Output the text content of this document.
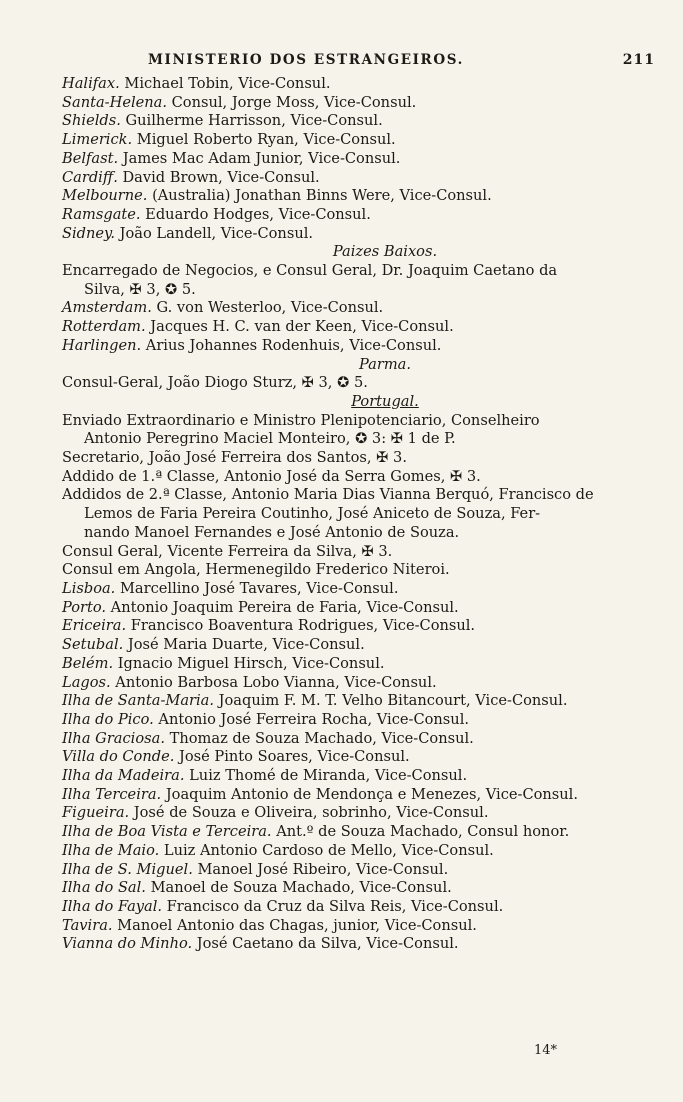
MINISTERIO DOS ESTRANGEIROS.	211
Halifax. Michael Tobin, Vice-Consul.
Santa-Helena. Consul, Jorge Moss, Vice-Consul.
Shields. Guilherme Harrisson, Vice-Consul.
Limerick. Miguel Roberto Ryan, Vice-Consul.
Belfast. James Mac Adam Junior, Vice-Consul.
Cardiff. David Brown, Vice-Consul.
Melbourne. (Australia) Jonathan Binns Were, Vice-Consul.
Ramsgate. Eduardo Hodges, Vice-Consul.
Sidney. João Landell, Vice-Consul.
Paizes Baixos.
Encarregado de Negocios, e Consul Geral, Dr. Joaquim Caetano da
Silva, ✠ 3, ✪ 5.
Amsterdam. G. von Westerloo, Vice-Consul.
Rotterdam. Jacques H. C. van der Keen, Vice-Consul.
Harlingen. Arius Johannes Rodenhuis, Vice-Consul.
Parma.
Consul-Geral, João Diogo Sturz, ✠ 3, ✪ 5.
Portugal.
Enviado Extraordinario e Ministro Plenipotenciario, Conselheiro
Antonio Peregrino Maciel Monteiro, ✪ 3: ✠ 1 de P.
Secretario, João José Ferreira dos Santos, ✠ 3.
Addido de 1.ª Classe, Antonio José da Serra Gomes, ✠ 3.
Addidos de 2.ª Classe, Antonio Maria Dias Vianna Berquó, Francisco de
Lemos de Faria Pereira Coutinho, José Aniceto de Souza, Fer-
nando Manoel Fernandes e José Antonio de Souza.
Consul Geral, Vicente Ferreira da Silva, ✠ 3.
Consul em Angola, Hermenegildo Frederico Niteroi.
Lisboa. Marcellino José Tavares, Vice-Consul.
Porto. Antonio Joaquim Pereira de Faria, Vice-Consul.
Ericeira. Francisco Boaventura Rodrigues, Vice-Consul.
Setubal. José Maria Duarte, Vice-Consul.
Belém. Ignacio Miguel Hirsch, Vice-Consul.
Lagos. Antonio Barbosa Lobo Vianna, Vice-Consul.
Ilha de Santa-Maria. Joaquim F. M. T. Velho Bitancourt, Vice-Consul.
Ilha do Pico. Antonio José Ferreira Rocha, Vice-Consul.
Ilha Graciosa. Thomaz de Souza Machado, Vice-Consul.
Villa do Conde. José Pinto Soares, Vice-Consul.
Ilha da Madeira. Luiz Thomé de Miranda, Vice-Consul.
Ilha Terceira. Joaquim Antonio de Mendonça e Menezes, Vice-Consul.
Figueira. José de Souza e Oliveira, sobrinho, Vice-Consul.
Ilha de Boa Vista e Terceira. Ant.º de Souza Machado, Consul honor.
Ilha de Maio. Luiz Antonio Cardoso de Mello, Vice-Consul.
Ilha de S. Miguel. Manoel José Ribeiro, Vice-Consul.
Ilha do Sal. Manoel de Souza Machado, Vice-Consul.
Ilha do Fayal. Francisco da Cruz da Silva Reis, Vice-Consul.
Tavira. Manoel Antonio das Chagas, junior, Vice-Consul.
Vianna do Minho. José Caetano da Silva, Vice-Consul.
14*
